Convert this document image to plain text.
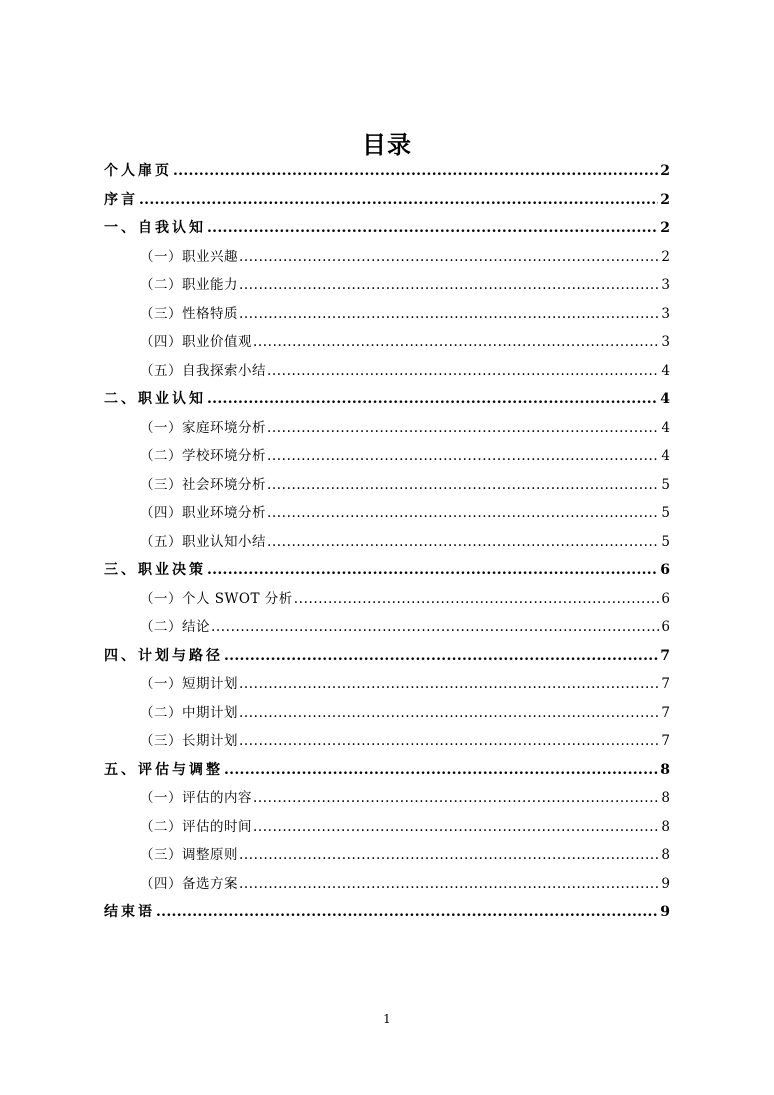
目录
个人扉页 .....	2
序言 .....	2
一、自我认知 .....	2
（一）职业兴趣 .....	2
（二）职业能力 .....	3
（三）性格特质 .....	3
（四）职业价值观 .....	3
（五）自我探索小结 .....	4
二、职业认知 .....	4
（一）家庭环境分析 .....	4
（二）学校环境分析 .....	4
（三）社会环境分析 .....	5
（四）职业环境分析 .....	5
（五）职业认知小结 .....	5
三、职业决策 .....	6
（一）个人 SWOT 分析 .....	6
（二）结论 .....	6
四、计划与路径 .....	7
（一）短期计划 .....	7
（二）中期计划 .....	7
（三）长期计划 .....	7
五、评估与调整 .....	8
（一）评估的内容 .....	8
（二）评估的时间 .....	8
（三）调整原则 .....	8
（四）备选方案 .....	9
结束语 .....	9
1
